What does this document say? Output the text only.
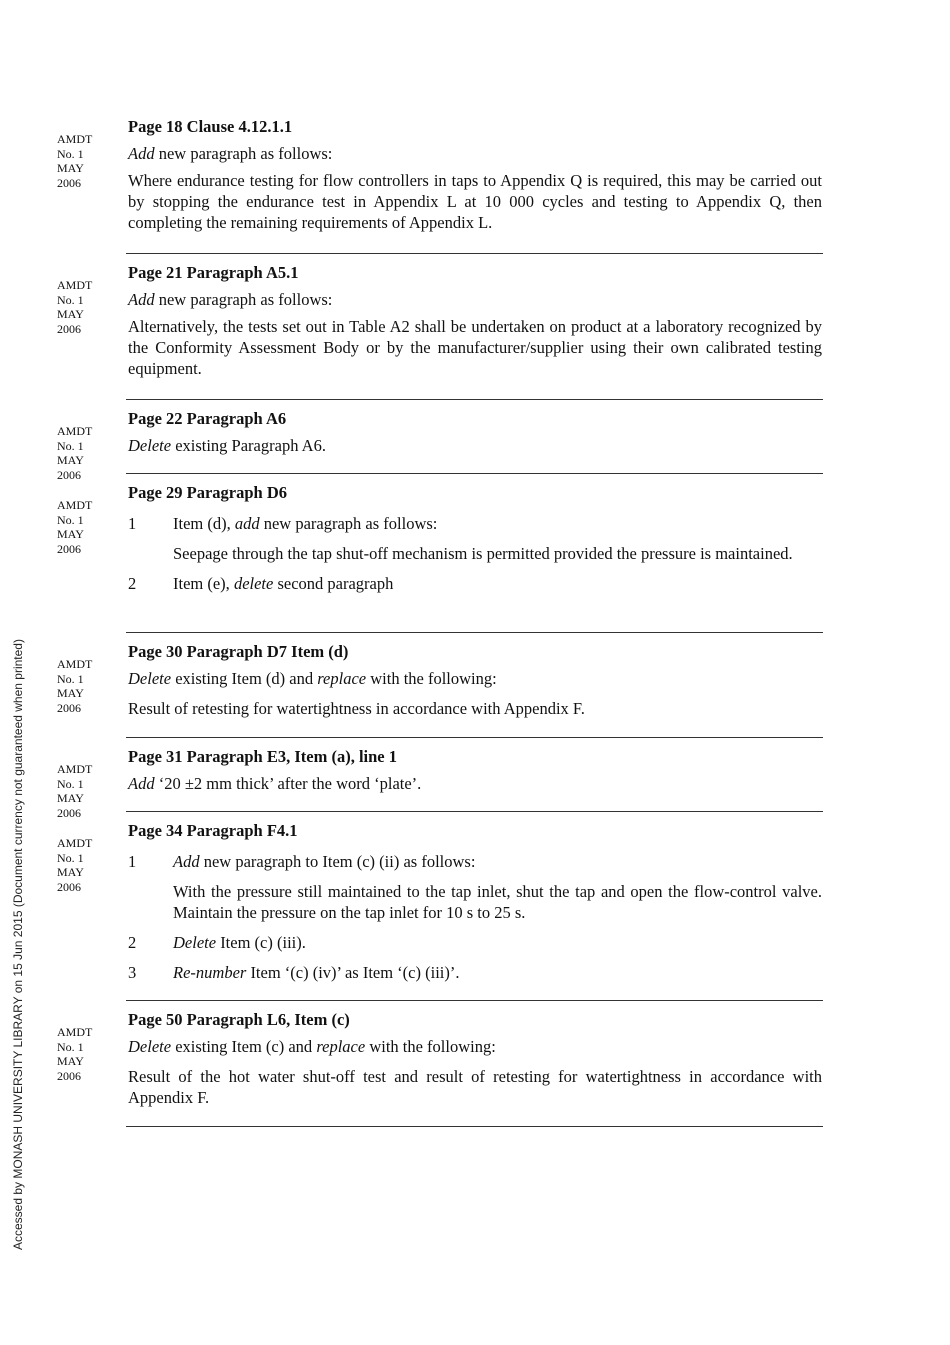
Accessed by MONASH UNIVERSITY LIBRARY on 15 Jun 2015 (Document currency not guaranteed when printed)
AMDT
No. 1
MAY
2006
Page 18 Clause 4.12.1.1
Add new paragraph as follows:
Where endurance testing for flow controllers in taps to Appendix Q is required, this may be carried out by stopping the endurance test in Appendix L at 10 000 cycles and testing to Appendix Q, then completing the remaining requirements of Appendix L.
AMDT
No. 1
MAY
2006
Page 21 Paragraph A5.1
Add new paragraph as follows:
Alternatively, the tests set out in Table A2 shall be undertaken on product at a laboratory recognized by the Conformity Assessment Body or by the manufacturer/supplier using their own calibrated testing equipment.
AMDT
No. 1
MAY
2006
Page 22 Paragraph A6
Delete existing Paragraph A6.
AMDT
No. 1
MAY
2006
Page 29 Paragraph D6
1	Item (d), add new paragraph as follows:
Seepage through the tap shut-off mechanism is permitted provided the pressure is maintained.
2	Item (e), delete second paragraph
AMDT
No. 1
MAY
2006
Page 30 Paragraph D7 Item (d)
Delete existing Item (d) and replace with the following:
Result of retesting for watertightness in accordance with Appendix F.
AMDT
No. 1
MAY
2006
Page 31 Paragraph E3, Item (a), line 1
Add ‘20 ±2 mm thick’ after the word ‘plate’.
AMDT
No. 1
MAY
2006
Page 34 Paragraph F4.1
1	Add new paragraph to Item (c) (ii) as follows:
With the pressure still maintained to the tap inlet, shut the tap and open the flow-control valve. Maintain the pressure on the tap inlet for 10 s to 25 s.
2	Delete Item (c) (iii).
3	Re-number Item ‘(c) (iv)’ as Item ‘(c) (iii)’.
AMDT
No. 1
MAY
2006
Page 50 Paragraph L6, Item (c)
Delete existing Item (c) and replace with the following:
Result of the hot water shut-off test and result of retesting for watertightness in accordance with Appendix F.
